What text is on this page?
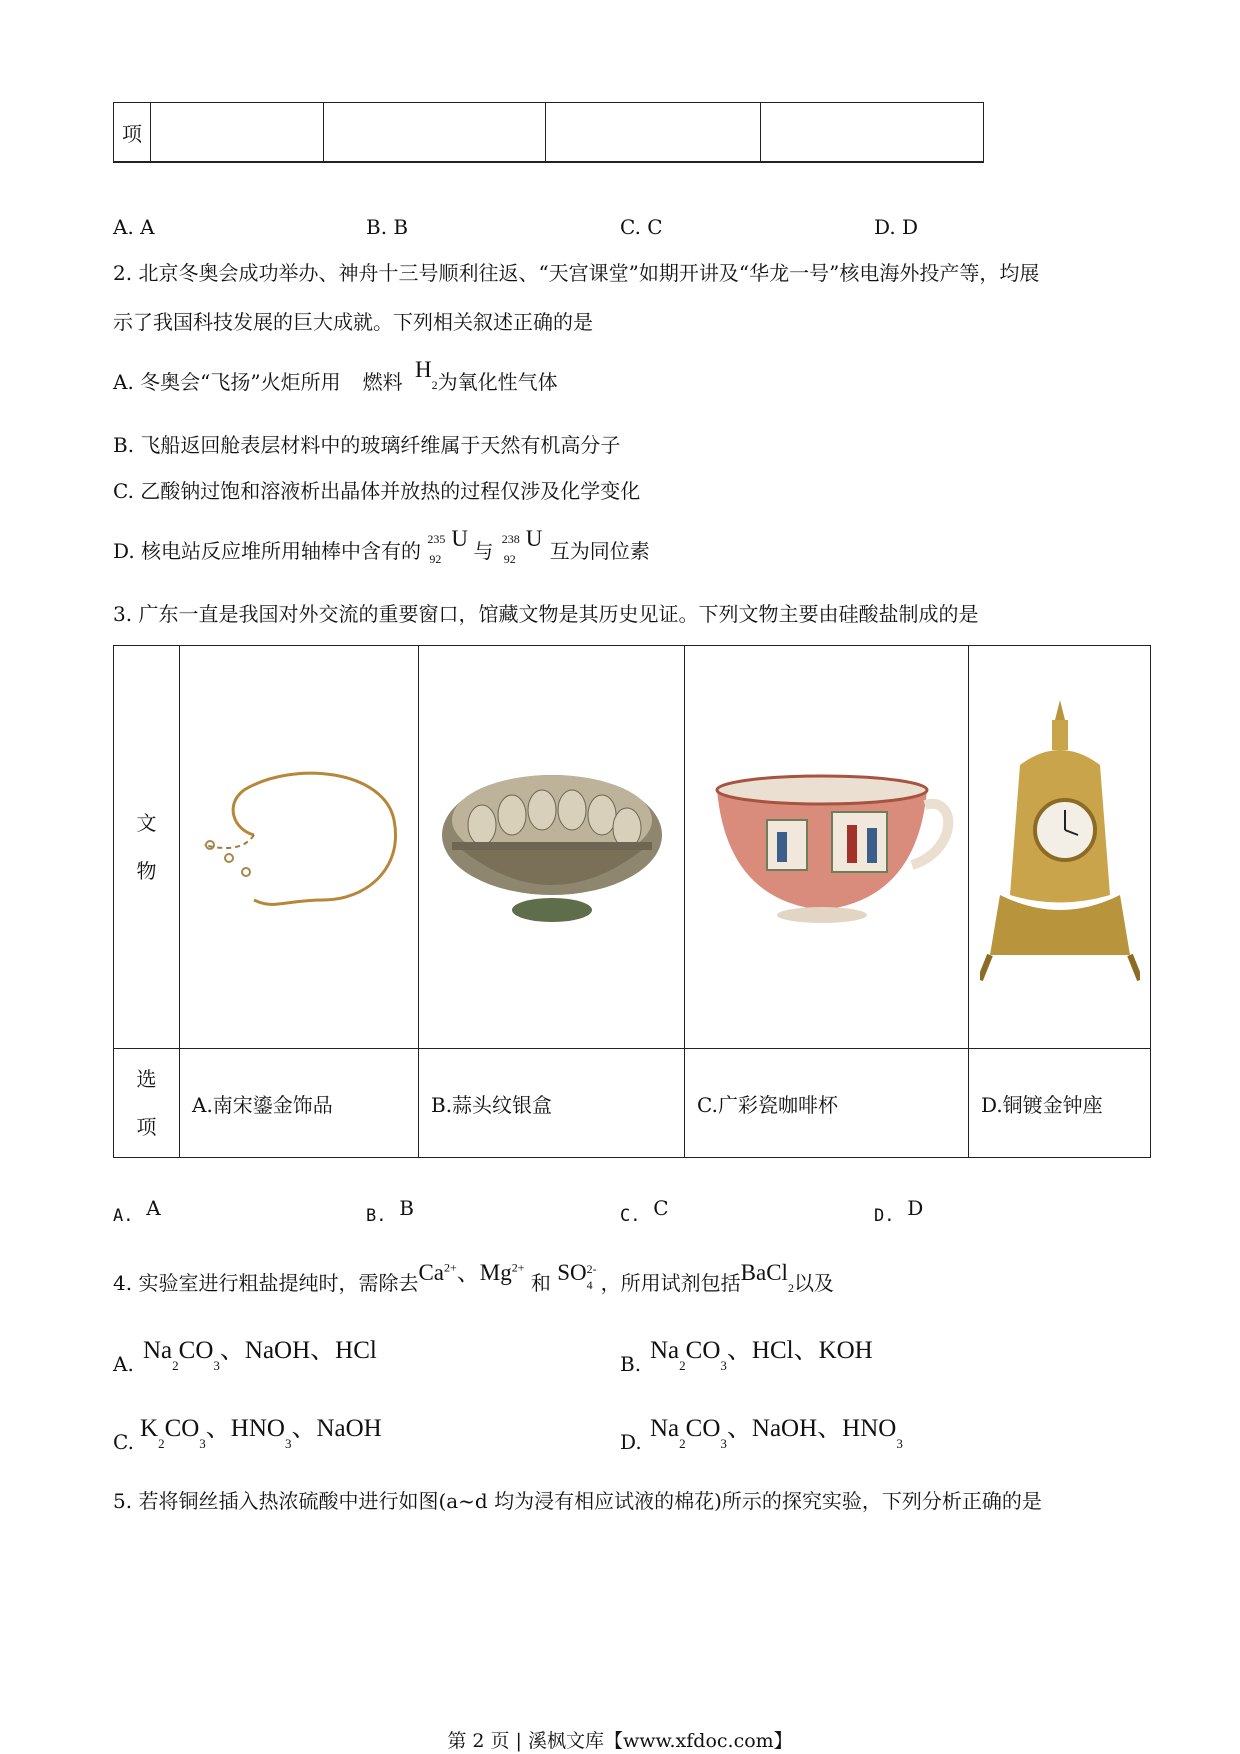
项				
A. A	B. B	C. C	D. D
2. 北京冬奥会成功举办、神舟十三号顺利往返、“天宫课堂”如期开讲及“华龙一号”核电海外投产等，均展
示了我国科技发展的巨大成就。下列相关叙述正确的是
A. 冬奥会“飞扬”火炬所用 燃料 $H_2$为氧化性气体
B. 飞船返回舱表层材料中的玻璃纤维属于天然有机高分子
C. 乙酸钠过饱和溶液析出晶体并放热的过程仅涉及化学变化
D. 核电站反应堆所用轴棒中含有的
235
92
U
与
238
92
U
互为同位素
3. 广东一直是我国对外交流的重要窗口，馆藏文物是其历史见证。下列文物主要由硅酸盐制成的是
文
物

选
项	A.南宋鎏金饰品	B.蒜头纹银盒	C.广彩瓷咖啡杯	D.铜镀金钟座
A. A	B. B	C. C	D. D
4. 实验室进行粗盐提纯时，需除去$Ca^{2+}$、$Mg^{2+}$ 和 SO 2-
4 ，所用试剂包括BaCl$_2$以及
A. $Na_2CO_3$、NaOH、HCl	B. $Na_2CO_3$、HCl、KOH
C. $K_2CO_3$、$HNO_3$、NaOH	D. $Na_2CO_3$、NaOH、$HNO_3$
5. 若将铜丝插入热浓硫酸中进行如图(a~d 均为浸有相应试液的棉花)所示的探究实验，下列分析正确的是
第 2 页 | 溪枫文库【www.xfdoc.com】
